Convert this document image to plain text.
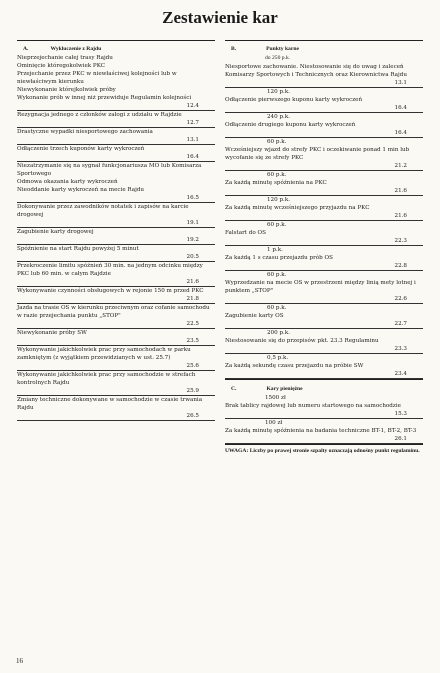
Zestawienie kar
A.	Wykluczenie z Rajdu
Nieprzejechanie całej trasy Rajdu
Ominięcie któregokolwiek PKC
Przejechanie przez PKC w niewłaściwej kolejności lub w niewłaściwym kierunku
Niewykonanie którejkolwiek próby
Wykonanie prób w innej niż przewiduje Regulamin kolejności
12.4
Rezygnacja jednego z członków załogi z udziału w Rajdzie
12.7
Drastyczne wypadki niesportowego zachowania
13.1
Odłączenie trzech kuponów karty wykroczeń
16.4
Niezatrzymanie się na sygnał funkcjonariusza MO lub Komisarza Sportowego
Odmowa okazania karty wykroczeń
Nieoddanie karty wykroczeń na mecie Rajdu
16.5
Dokonywanie przez zawodników notatek i zapisów na karcie drogowej
19.1
Zagubienie karty drogowej
19.2
Spóźnienie na start Rajdu powyżej 5 minut
20.5
Przekroczenie limitu spóźnień 30 min. na jednym odcinku między PKC lub 60 min. w całym Rajdzie
21.6
Wykonywanie czynności obsługowych w rejonie 150 m przed PKC
21.8
Jazda na trasie OS w kierunku przeciwnym oraz cofanie samochodu w razie przejechania punktu „STOP"
22.5
Niewykonanie próby SW
23.5
Wykonywanie jakichkolwiek prac przy samochodach w parku zamkniętym (z wyjątkiem przewidzianych w ust. 25.7)
25.6
Wykonywanie jakichkolwiek prac przy samochodzie w strefach kontrolnych Rajdu
25.9
Zmiany techniczne dokonywane w samochodzie w czasie trwania Rajdu
26.5
B.	Punkty karne
do 250 p.k.
Niesportowe zachowanie. Niestosowanie się do uwag i zaleceń Komisarzy Sportowych i Technicznych oraz Kierownictwa Rajdu
13.1
120 p.k.
Odłączenie pierwszego kuponu karty wykroczeń
16.4
240 p.k.
Odłączenie drugiego kuponu karty wykroczeń
16.4
60 p.k.
Wcześniejszy wjazd do strefy PKC i oczekiwanie ponad 1 min lub wycofanie się ze strefy PKC
21.2
60 p.k.
Za każdą minutę spóźnienia na PKC
21.6
120 p.k.
Za każdą minutę wcześniejszego przyjazdu na PKC
21.6
60 p.k.
Falstart do OS
22.3
1 p.k.
Za każdą 1 s czasu przejazdu prób OS
22.8
60 p.k.
Wyprzedzanie na mecie OS w przestrzeni między linią mety lotnej i punktem „STOP"
22.6
60 p.k.
Zagubienie karty OS
22.7
200 p.k.
Niestosowanie się do przepisów pkt. 23.3 Regulaminu
23.3
0,5 p.k.
Za każdą sekundę czasu przejazdu na próbie SW
23.4
C.	Kary pieniężne
1500 zł
Brak tablicy rajdowej lub numeru startowego na samochodzie
15.3
100 zł
Za każdą minutę spóźnienia na badania techniczne BT-1, BT-2, BT-3
26.1
UWAGA: Liczby po prawej stronie szpalty oznaczają odnośny punkt regulaminu.
16
